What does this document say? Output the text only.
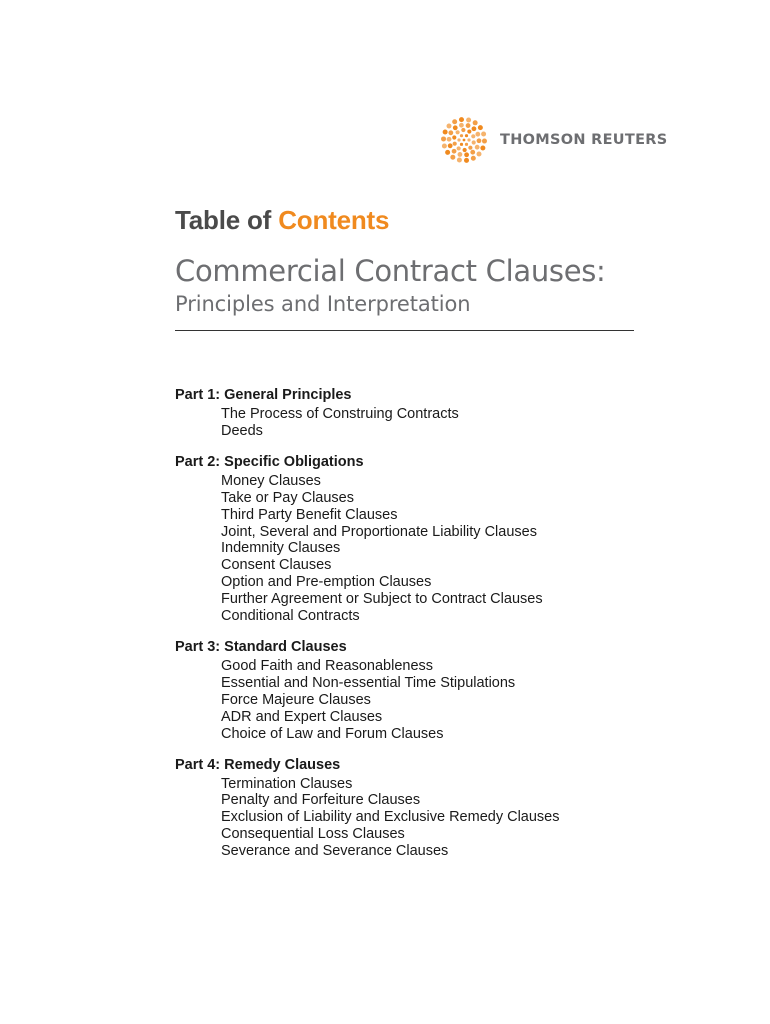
THOMSON REUTERS
Table of Contents
Commercial Contract Clauses:
Principles and Interpretation
Part 1: General Principles
The Process of Construing Contracts
Deeds
Part 2: Specific Obligations
Money Clauses
Take or Pay Clauses
Third Party Benefit Clauses
Joint, Several and Proportionate Liability Clauses
Indemnity Clauses
Consent Clauses
Option and Pre-emption Clauses
Further Agreement or Subject to Contract Clauses
Conditional Contracts
Part 3: Standard Clauses
Good Faith and Reasonableness
Essential and Non-essential Time Stipulations
Force Majeure Clauses
ADR and Expert Clauses
Choice of Law and Forum Clauses
Part 4: Remedy Clauses
Termination Clauses
Penalty and Forfeiture Clauses
Exclusion of Liability and Exclusive Remedy Clauses
Consequential Loss Clauses
Severance and Severance Clauses
